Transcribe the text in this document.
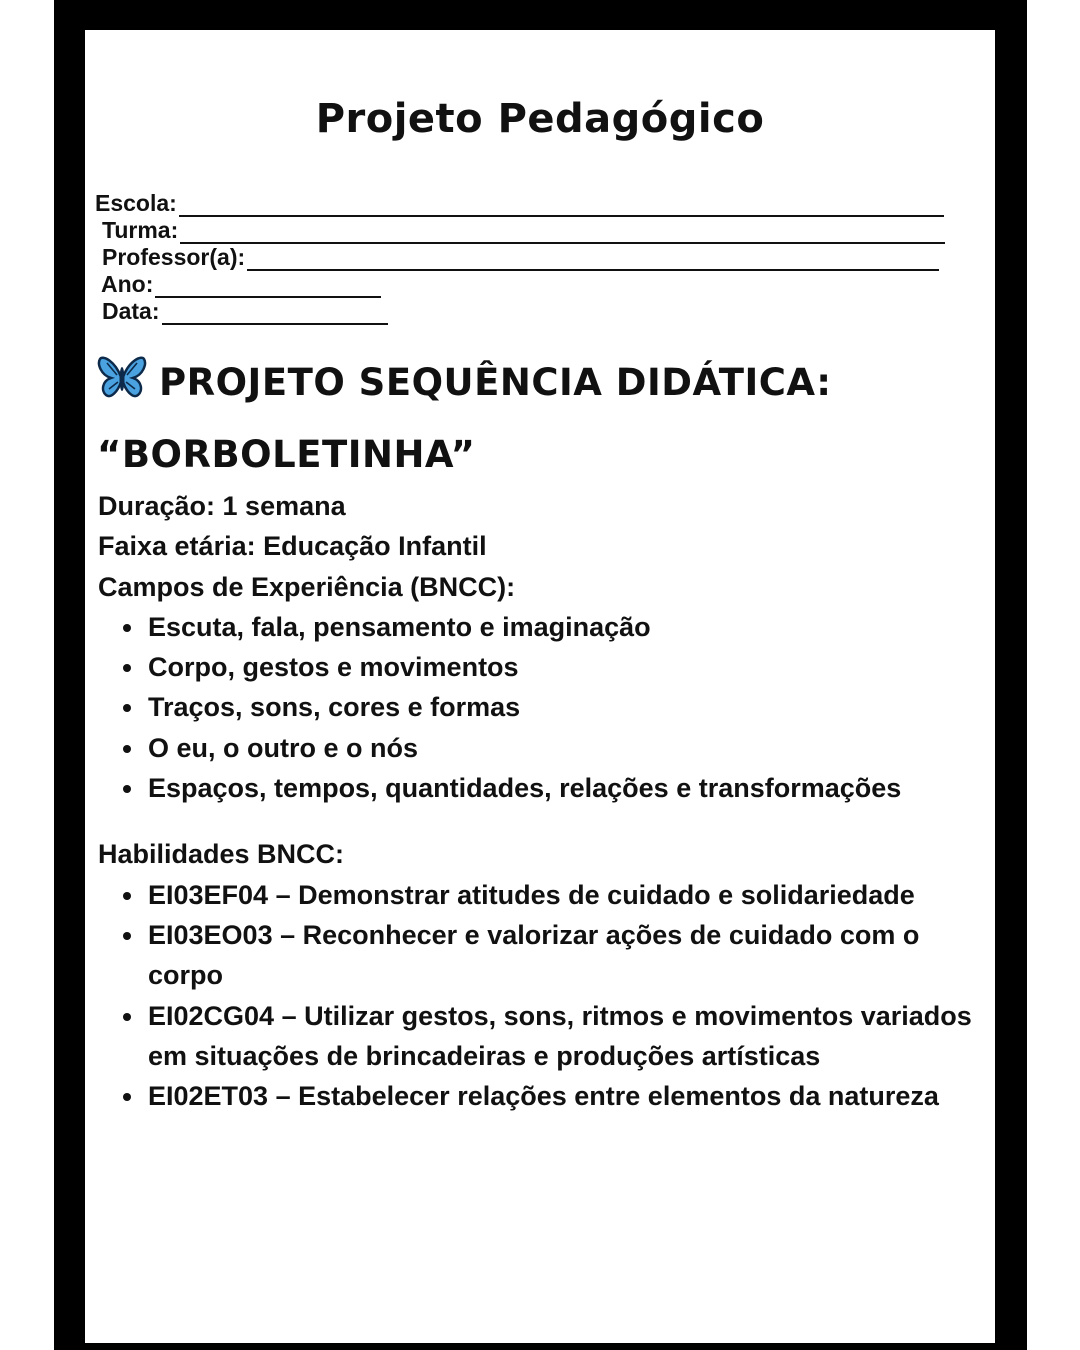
Projeto Pedagógico
Escola:
Turma:
Professor(a):
Ano:
Data:
PROJETO SEQUÊNCIA DIDÁTICA:
“BORBOLETINHA”

Duração: 1 semana

Faixa etária: Educação Infantil

Campos de Experiência (BNCC):

Escuta, fala, pensamento e imaginação
Corpo, gestos e movimentos
Traços, sons, cores e formas
O eu, o outro e o nós
Espaços, tempos, quantidades, relações e transformações

Habilidades BNCC:

EI03EF04 – Demonstrar atitudes de cuidado e solidariedade
EI03EO03 – Reconhecer e valorizar ações de cuidado com o corpo
EI02CG04 – Utilizar gestos, sons, ritmos e movimentos variados em situações de brincadeiras e produções artísticas
EI02ET03 – Estabelecer relações entre elementos da natureza
